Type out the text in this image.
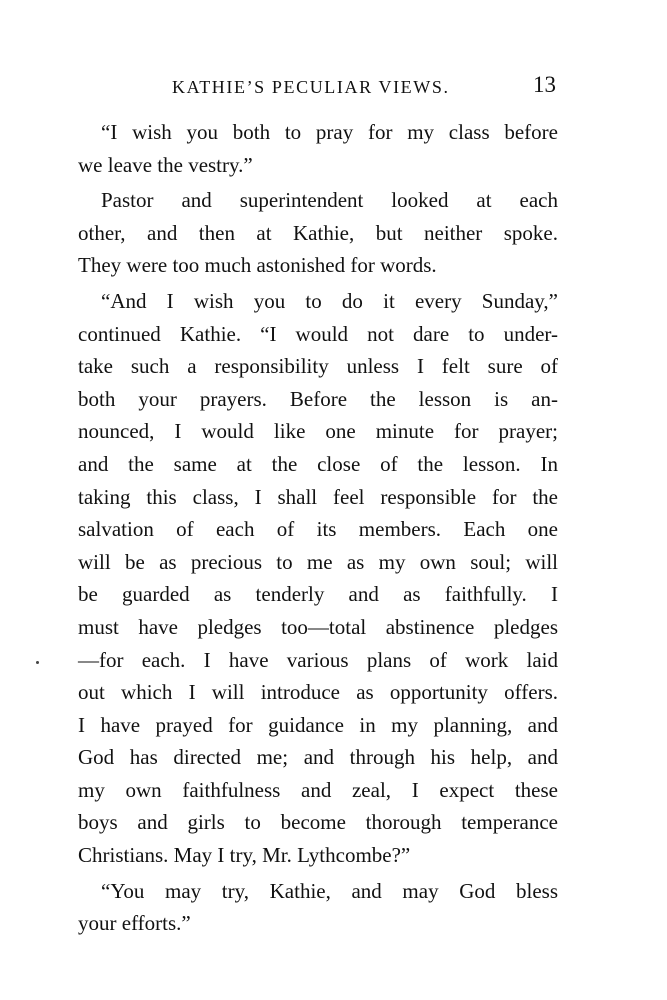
KATHIE’S PECULIAR VIEWS.	13
“I wish you both to pray for my class before
we leave the vestry.”
Pastor and superintendent looked at each
other, and then at Kathie, but neither spoke.
They were too much astonished for words.
“And I wish you to do it every Sunday,”
continued Kathie. “I would not dare to under-
take such a responsibility unless I felt sure of
both your prayers. Before the lesson is an-
nounced, I would like one minute for prayer;
and the same at the close of the lesson. In
taking this class, I shall feel responsible for the
salvation of each of its members. Each one
will be as precious to me as my own soul; will
be guarded as tenderly and as faithfully. I
must have pledges too—total abstinence pledges
—for each. I have various plans of work laid
out which I will introduce as opportunity offers.
I have prayed for guidance in my planning, and
God has directed me; and through his help, and
my own faithfulness and zeal, I expect these
boys and girls to become thorough temperance
Christians. May I try, Mr. Lythcombe?”
“You may try, Kathie, and may God bless
your efforts.”
